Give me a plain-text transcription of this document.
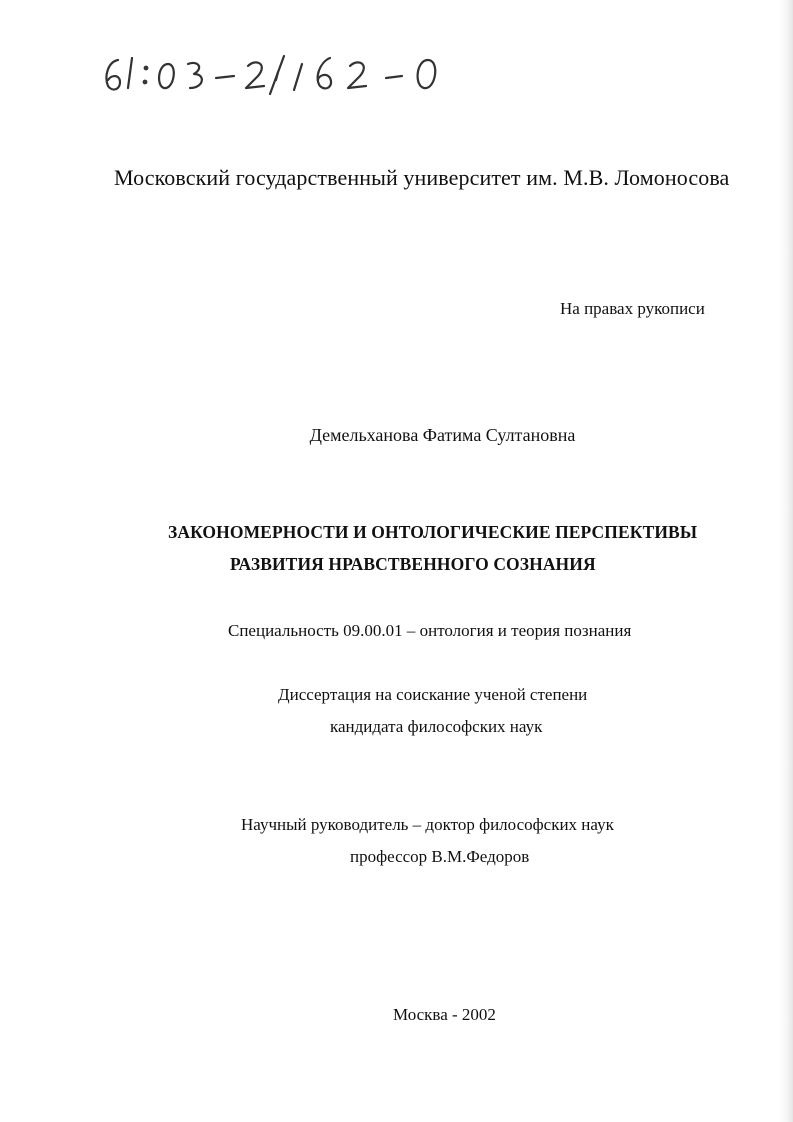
Московский государственный университет им. М.В. Ломоносова
На правах рукописи
Демельханова Фатима Султановна
ЗАКОНОМЕРНОСТИ И ОНТОЛОГИЧЕСКИЕ ПЕРСПЕКТИВЫ
РАЗВИТИЯ НРАВСТВЕННОГО СОЗНАНИЯ
Специальность 09.00.01 – онтология и теория познания
Диссертация на соискание ученой степени
кандидата философских наук
Научный руководитель – доктор философских наук
профессор В.М.Федоров
Москва - 2002
